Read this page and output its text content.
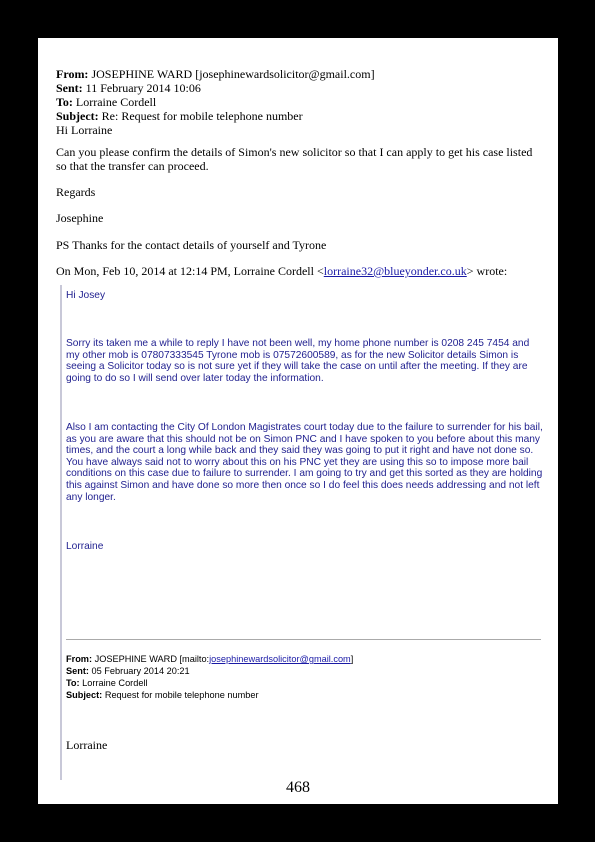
From: JOSEPHINE WARD [josephinewardsolicitor@gmail.com]
Sent: 11 February 2014 10:06
To: Lorraine Cordell
Subject: Re: Request for mobile telephone number
Hi Lorraine
Can you please confirm the details of Simon's new solicitor so that I can apply to get his case listed so that the transfer can proceed.
Regards
Josephine
PS Thanks for the contact details of yourself and Tyrone
On Mon, Feb 10, 2014 at 12:14 PM, Lorraine Cordell <lorraine32@blueyonder.co.uk> wrote:
Hi Josey
Sorry its taken me a while to reply I have not been well, my home phone number is 0208 245 7454 and my other mob is 07807333545 Tyrone mob is 07572600589, as for the new Solicitor details Simon is seeing a Solicitor today so is not sure yet if they will take the case on until after the meeting. If they are going to do so I will send over later today the information.
Also I am contacting the City Of London Magistrates court today due to the failure to surrender for his bail, as you are aware that this should not be on Simon PNC and I have spoken to you before about this many times, and the court a long while back and they said they was going to put it right and have not done so. You have always said not to worry about this on his PNC yet they are using this so to impose more bail conditions on this case due to failure to surrender. I am going to try and get this sorted as they are holding this against Simon and have done so more then once so I do feel this does needs addressing and not left any longer.
Lorraine
From: JOSEPHINE WARD [mailto:josephinewardsolicitor@gmail.com]
Sent: 05 February 2014 20:21
To: Lorraine Cordell
Subject: Request for mobile telephone number
Lorraine
468
